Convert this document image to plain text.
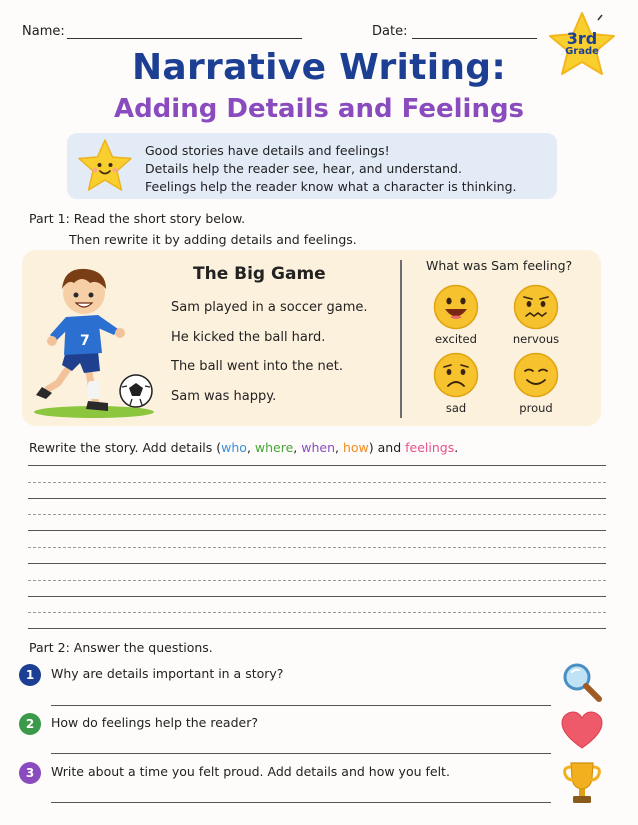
Name:	Date:	3rd
Grade
Narrative Writing:
Adding Details and Feelings
Good stories have details and feelings!
Details help the reader see, hear, and understand.
Feelings help the reader know what a character is thinking.
Part 1: Read the short story below.
Then rewrite it by adding details and feelings.
7
The Big Game
Sam played in a soccer game.
He kicked the ball hard.
The ball went into the net.
Sam was happy.
What was Sam feeling?
excited	nervous
sad	proud
Rewrite the story. Add details (who, where, when, how) and feelings.
Part 2: Answer the questions.
1	Why are details important in a story?
2	How do feelings help the reader?
3	Write about a time you felt proud. Add details and how you felt.
